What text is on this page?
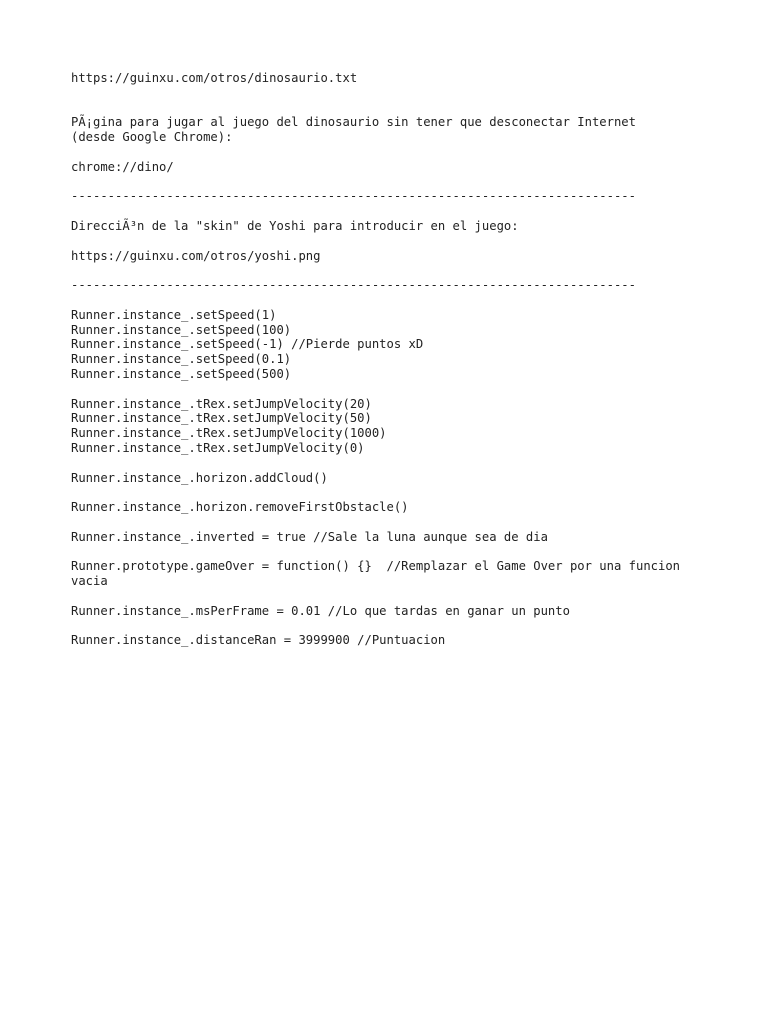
https://guinxu.com/otros/dinosaurio.txt
PÃ¡gina para jugar al juego del dinosaurio sin tener que desconectar Internet
(desde Google Chrome):
chrome://dino/
-----------------------------------------------------------------------------
DirecciÃ³n de la "skin" de Yoshi para introducir en el juego:
https://guinxu.com/otros/yoshi.png
-----------------------------------------------------------------------------
Runner.instance_.setSpeed(1)
Runner.instance_.setSpeed(100)
Runner.instance_.setSpeed(-1) //Pierde puntos xD
Runner.instance_.setSpeed(0.1)
Runner.instance_.setSpeed(500)
Runner.instance_.tRex.setJumpVelocity(20)
Runner.instance_.tRex.setJumpVelocity(50)
Runner.instance_.tRex.setJumpVelocity(1000)
Runner.instance_.tRex.setJumpVelocity(0)
Runner.instance_.horizon.addCloud()
Runner.instance_.horizon.removeFirstObstacle()
Runner.instance_.inverted = true //Sale la luna aunque sea de dia
Runner.prototype.gameOver = function() {}  //Remplazar el Game Over por una funcion
vacia
Runner.instance_.msPerFrame = 0.01 //Lo que tardas en ganar un punto
Runner.instance_.distanceRan = 3999900 //Puntuacion
